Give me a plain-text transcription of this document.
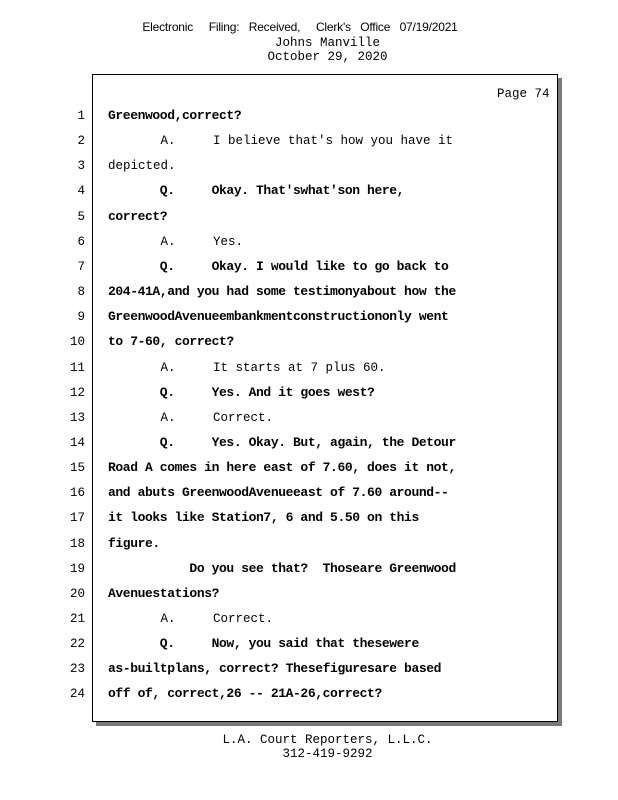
Electronic     Filing:   Received,     Clerk's   Office   07/19/2021
Johns Manville
October 29, 2020
Page 74
1 Greenwood,correct?
2 A.     I believe that's how you have it
3 depicted.
4 Q.     Okay. That'swhat'son here,
5 correct?
6 A.     Yes.
7 Q.     Okay. I would like to go back to
8 204-41A,and you had some testimonyabout how the
9 GreenwoodAvenueembankmentconstructiononly went
10 to 7-60, correct?
11 A.     It starts at 7 plus 60.
12 Q.     Yes. And it goes west?
13 A.     Correct.
14 Q.     Yes. Okay. But, again, the Detour
15 Road A comes in here east of 7.60, does it not,
16 and abuts GreenwoodAvenueeast of 7.60 around--
17 it looks like Station7, 6 and 5.50 on this
18 figure.
19 Do you see that?  Thoseare Greenwood
20 Avenuestations?
21 A.     Correct.
22 Q.     Now, you said that thesewere
23 as-builtplans, correct? Thesefiguresare based
24 off of, correct,26 -- 21A-26,correct?
L.A. Court Reporters, L.L.C.
312-419-9292
